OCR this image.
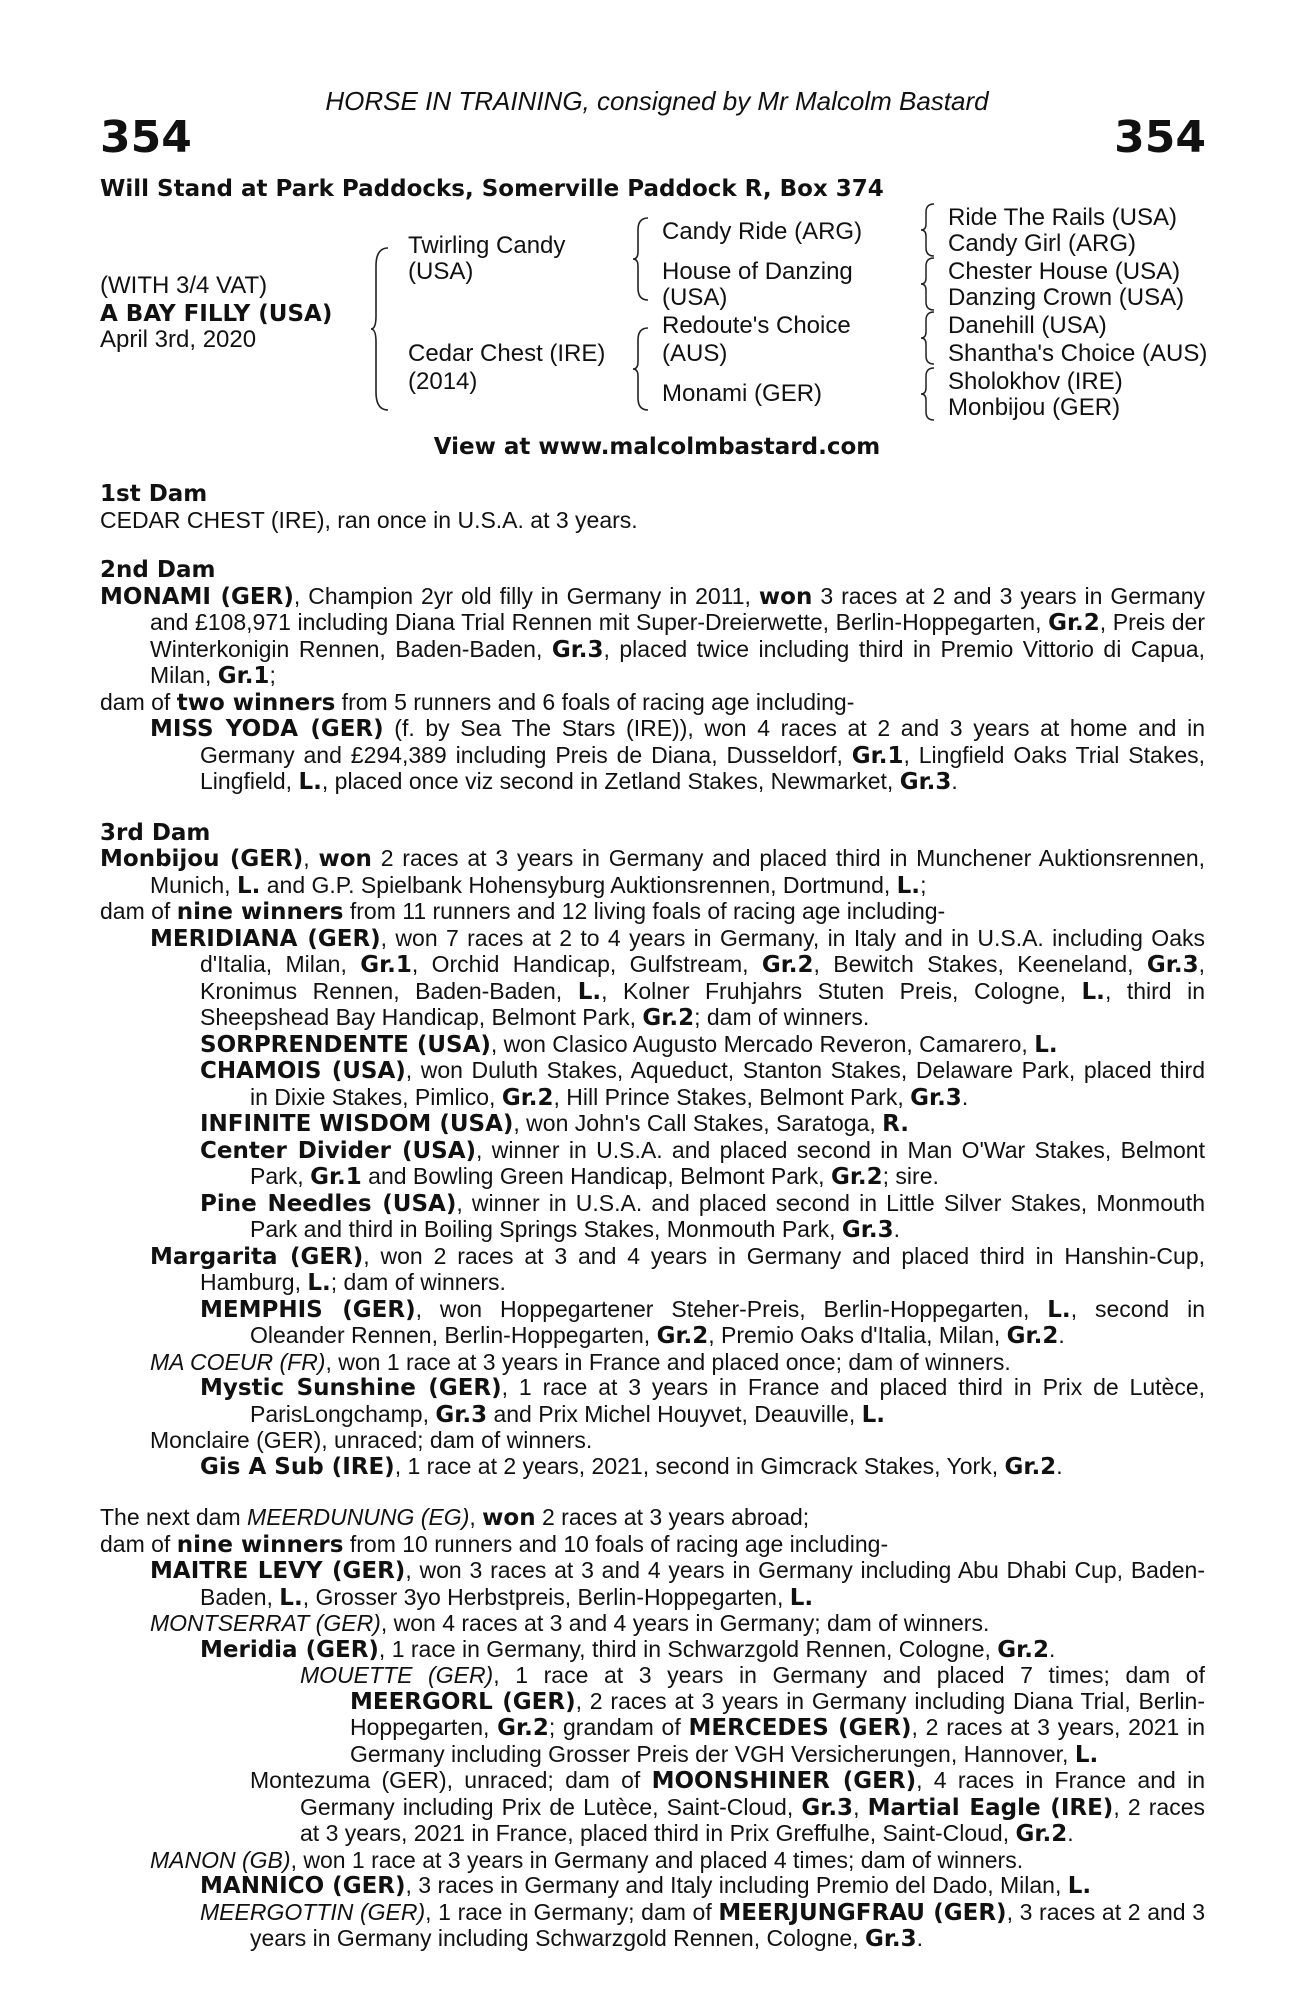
HORSE IN TRAINING, consigned by Mr Malcolm Bastard
354	354
Will Stand at Park Paddocks, Somerville Paddock R, Box 374
(WITH 3/4 VAT)
A BAY FILLY (USA)
April 3rd, 2020
Twirling Candy
(USA)
Cedar Chest (IRE)
(2014)
Candy Ride (ARG)
House of Danzing
(USA)
Redoute's Choice
(AUS)
Monami (GER)
Ride The Rails (USA)
Candy Girl (ARG)
Chester House (USA)
Danzing Crown (USA)
Danehill (USA)
Shantha's Choice (AUS)
Sholokhov (IRE)
Monbijou (GER)
View at www.malcolmbastard.com
1st Dam
CEDAR CHEST (IRE), ran once in U.S.A. at 3 years.
2nd Dam
MONAMI (GER), Champion 2yr old filly in Germany in 2011, won 3 races at 2 and 3 years in Germany and £108,971 including Diana Trial Rennen mit Super-Dreierwette, Berlin-Hoppegarten, Gr.2, Preis der Winterkonigin Rennen, Baden-Baden, Gr.3, placed twice including third in Premio Vittorio di Capua, Milan, Gr.1;
dam of two winners from 5 runners and 6 foals of racing age including-
MISS YODA (GER) (f. by Sea The Stars (IRE)), won 4 races at 2 and 3 years at home and in Germany and £294,389 including Preis de Diana, Dusseldorf, Gr.1, Lingfield Oaks Trial Stakes, Lingfield, L., placed once viz second in Zetland Stakes, Newmarket, Gr.3.
3rd Dam
Monbijou (GER), won 2 races at 3 years in Germany and placed third in Munchener Auktionsrennen, Munich, L. and G.P. Spielbank Hohensyburg Auktionsrennen, Dortmund, L.;
dam of nine winners from 11 runners and 12 living foals of racing age including-
MERIDIANA (GER), won 7 races at 2 to 4 years in Germany, in Italy and in U.S.A. including Oaks d'Italia, Milan, Gr.1, Orchid Handicap, Gulfstream, Gr.2, Bewitch Stakes, Keeneland, Gr.3, Kronimus Rennen, Baden-Baden, L., Kolner Fruhjahrs Stuten Preis, Cologne, L., third in Sheepshead Bay Handicap, Belmont Park, Gr.2; dam of winners.
SORPRENDENTE (USA), won Clasico Augusto Mercado Reveron, Camarero, L.
CHAMOIS (USA), won Duluth Stakes, Aqueduct, Stanton Stakes, Delaware Park, placed third in Dixie Stakes, Pimlico, Gr.2, Hill Prince Stakes, Belmont Park, Gr.3.
INFINITE WISDOM (USA), won John's Call Stakes, Saratoga, R.
Center Divider (USA), winner in U.S.A. and placed second in Man O'War Stakes, Belmont Park, Gr.1 and Bowling Green Handicap, Belmont Park, Gr.2; sire.
Pine Needles (USA), winner in U.S.A. and placed second in Little Silver Stakes, Monmouth Park and third in Boiling Springs Stakes, Monmouth Park, Gr.3.
Margarita (GER), won 2 races at 3 and 4 years in Germany and placed third in Hanshin-Cup, Hamburg, L.; dam of winners.
MEMPHIS (GER), won Hoppegartener Steher-Preis, Berlin-Hoppegarten, L., second in Oleander Rennen, Berlin-Hoppegarten, Gr.2, Premio Oaks d'Italia, Milan, Gr.2.
MA COEUR (FR), won 1 race at 3 years in France and placed once; dam of winners.
Mystic Sunshine (GER), 1 race at 3 years in France and placed third in Prix de Lutèce, ParisLongchamp, Gr.3 and Prix Michel Houyvet, Deauville, L.
Monclaire (GER), unraced; dam of winners.
Gis A Sub (IRE), 1 race at 2 years, 2021, second in Gimcrack Stakes, York, Gr.2.
The next dam MEERDUNUNG (EG), won 2 races at 3 years abroad;
dam of nine winners from 10 runners and 10 foals of racing age including-
MAITRE LEVY (GER), won 3 races at 3 and 4 years in Germany including Abu Dhabi Cup, Baden-Baden, L., Grosser 3yo Herbstpreis, Berlin-Hoppegarten, L.
MONTSERRAT (GER), won 4 races at 3 and 4 years in Germany; dam of winners.
Meridia (GER), 1 race in Germany, third in Schwarzgold Rennen, Cologne, Gr.2.
MOUETTE (GER), 1 race at 3 years in Germany and placed 7 times; dam of MEERGORL (GER), 2 races at 3 years in Germany including Diana Trial, Berlin-Hoppegarten, Gr.2; grandam of MERCEDES (GER), 2 races at 3 years, 2021 in Germany including Grosser Preis der VGH Versicherungen, Hannover, L.
Montezuma (GER), unraced; dam of MOONSHINER (GER), 4 races in France and in Germany including Prix de Lutèce, Saint-Cloud, Gr.3, Martial Eagle (IRE), 2 races at 3 years, 2021 in France, placed third in Prix Greffulhe, Saint-Cloud, Gr.2.
MANON (GB), won 1 race at 3 years in Germany and placed 4 times; dam of winners.
MANNICO (GER), 3 races in Germany and Italy including Premio del Dado, Milan, L.
MEERGOTTIN (GER), 1 race in Germany; dam of MEERJUNGFRAU (GER), 3 races at 2 and 3 years in Germany including Schwarzgold Rennen, Cologne, Gr.3.
